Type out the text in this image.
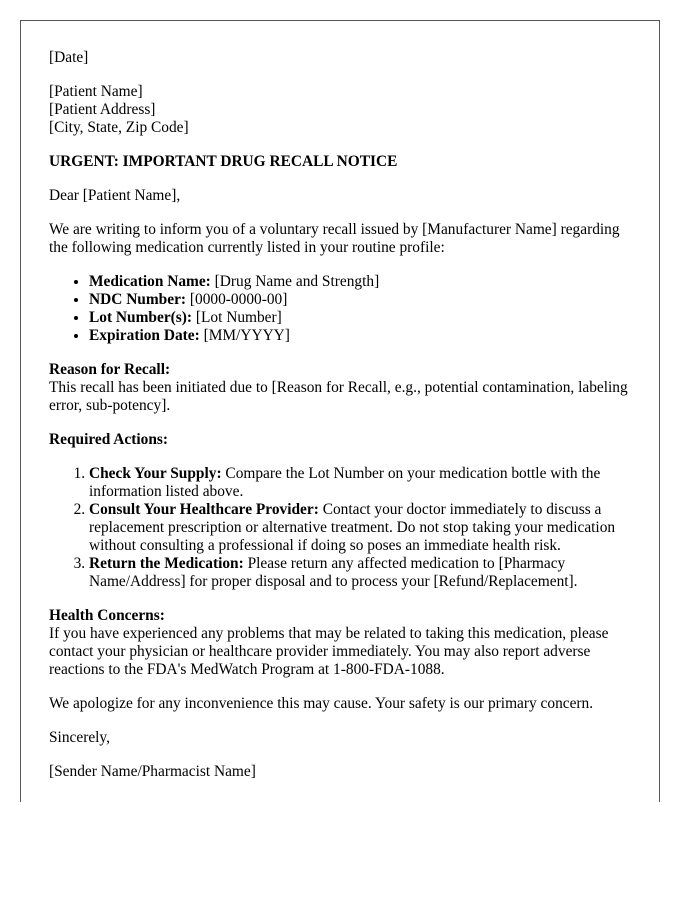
[Date]

[Patient Name]

[Patient Address]

[City, State, Zip Code]

URGENT: IMPORTANT DRUG RECALL NOTICE

Dear [Patient Name],

We are writing to inform you of a voluntary recall issued by [Manufacturer Name] regarding the following medication currently listed in your routine profile:

• Medication Name: [Drug Name and Strength]
• NDC Number: [0000-0000-00]
• Lot Number(s): [Lot Number]
• Expiration Date: [MM/YYYY]

Reason for Recall:

This recall has been initiated due to [Reason for Recall, e.g., potential contamination, labeling error, sub-potency].

Required Actions:

1. Check Your Supply: Compare the Lot Number on your medication bottle with the information listed above.
2. Consult Your Healthcare Provider: Contact your doctor immediately to discuss a replacement prescription or alternative treatment. Do not stop taking your medication without consulting a professional if doing so poses an immediate health risk.
3. Return the Medication: Please return any affected medication to [Pharmacy Name/Address] for proper disposal and to process your [Refund/Replacement].

Health Concerns:

If you have experienced any problems that may be related to taking this medication, please contact your physician or healthcare provider immediately. You may also report adverse reactions to the FDA's MedWatch Program at 1-800-FDA-1088.

We apologize for any inconvenience this may cause. Your safety is our primary concern.

Sincerely,

[Sender Name/Pharmacist Name]
